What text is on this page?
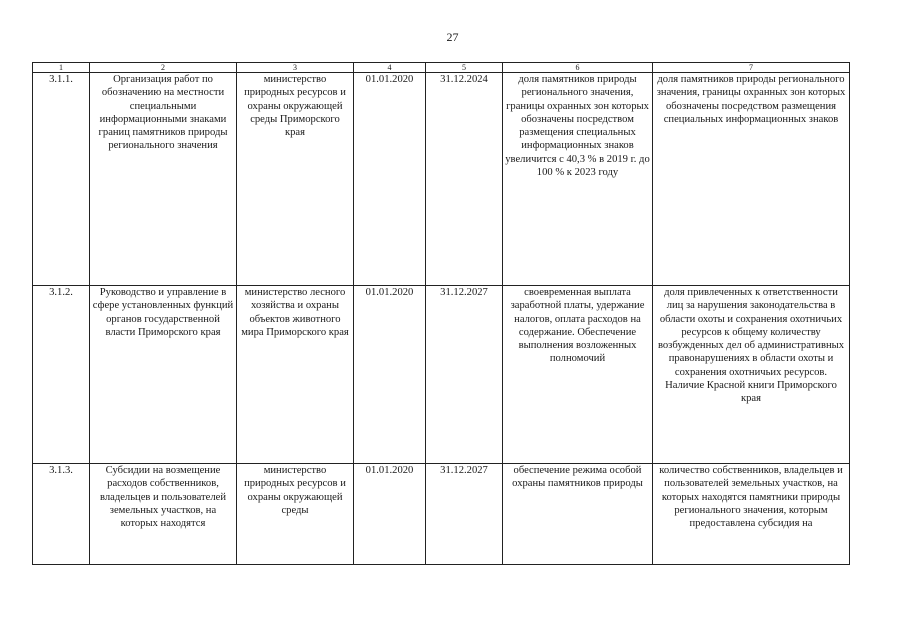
27
1	2	3	4	5	6	7
3.1.1.	Организация работ по обозначению на местности специальными информационными знаками границ памятников природы регионального значения	министерство природных ресурсов и охраны окружающей среды Приморского края	01.01.2020	31.12.2024	доля памятников природы регионального значения, границы охранных зон которых обозначены посредством размещения специальных информационных знаков увеличится с 40,3 % в 2019 г. до 100 % к 2023 году	доля памятников природы регионального значения, границы охранных зон которых обозначены посредством размещения специальных информационных знаков
3.1.2.	Руководство и управление в сфере установленных функций органов государственной власти Приморского края	министерство лесного хозяйства и охраны объектов животного мира Приморского края	01.01.2020	31.12.2027	своевременная выплата заработной платы, удержание налогов, оплата расходов на содержание. Обеспечение выполнения возложенных полномочий	доля привлеченных к ответственности лиц за нарушения законодательства в области охоты и сохранения охотничьих ресурсов к общему количеству возбужденных дел об административных правонарушениях в области охоты и сохранения охотничьих ресурсов. Наличие Красной книги Приморского края
3.1.3.	Субсидии на возмещение расходов собственников, владельцев и пользователей земельных участков, на которых находятся	министерство природных ресурсов и охраны окружающей среды	01.01.2020	31.12.2027	обеспечение режима особой охраны памятников природы	количество собственников, владельцев и пользователей земельных участков, на которых находятся памятники природы регионального значения, которым предоставлена субсидия на
